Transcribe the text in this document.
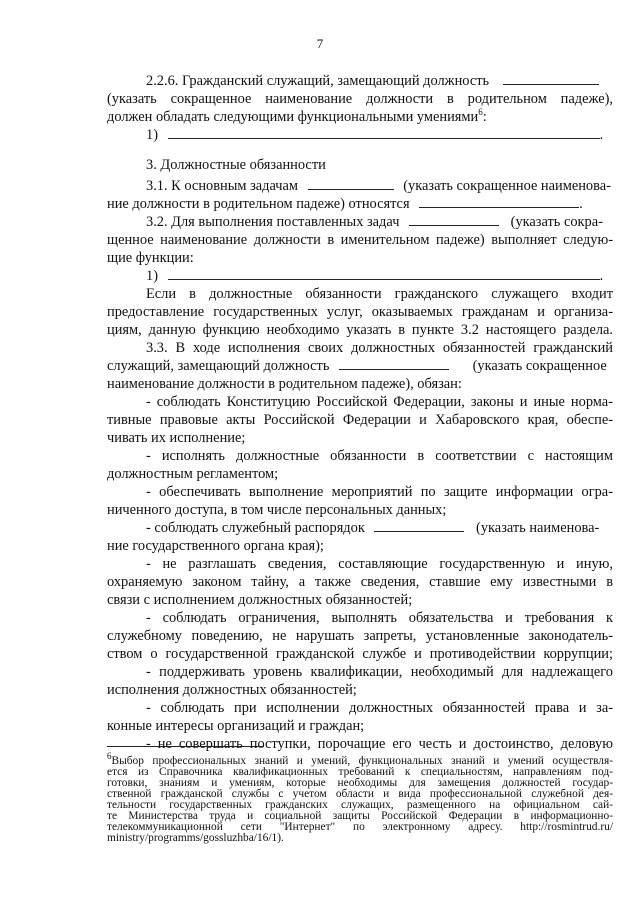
7
2.2.6. Гражданский служащий, замещающий должность
(указать сокращенное наименование должности в родительном падеже),
должен обладать следующими функциональными умениями$^6$:
1)	.
3. Должностные обязанности
3.1. К основным задачам	(указать сокращенное наименова-
ние должности в родительном падеже) относятся	.
3.2. Для выполнения поставленных задач	(указать сокра-
щенное наименование должности в именительном падеже) выполняет следую-
щие функции:
1)	.
Если в должностные обязанности гражданского служащего входит
предоставление государственных услуг, оказываемых гражданам и организа-
циям, данную функцию необходимо указать в пункте 3.2 настоящего раздела.
3.3. В ходе исполнения своих должностных обязанностей гражданский
служащий, замещающий должность	(указать сокращенное
наименование должности в родительном падеже), обязан:
- соблюдать Конституцию Российской Федерации, законы и иные норма-
тивные правовые акты Российской Федерации и Хабаровского края, обеспе-
чивать их исполнение;
- исполнять должностные обязанности в соответствии с настоящим
должностным регламентом;
- обеспечивать выполнение мероприятий по защите информации огра-
ниченного доступа, в том числе персональных данных;
- соблюдать служебный распорядок	(указать наименова-
ние государственного органа края);
- не разглашать сведения, составляющие государственную и иную,
охраняемую законом тайну, а также сведения, ставшие ему известными в
связи с исполнением должностных обязанностей;
- соблюдать ограничения, выполнять обязательства и требования к
служебному поведению, не нарушать запреты, установленные законодатель-
ством о государственной гражданской службе и противодействии коррупции;
- поддерживать уровень квалификации, необходимый для надлежащего
исполнения должностных обязанностей;
- соблюдать при исполнении должностных обязанностей права и за-
конные интересы организаций и граждан;
- не совершать поступки, порочащие его честь и достоинство, деловую
$^6$Выбор профессиональных знаний и умений, функциональных знаний и умений осуществля-
ется из Справочника квалификационных требований к специальностям, направлениям под-
готовки, знаниям и умениям, которые необходимы для замещения должностей государ-
ственной гражданской службы с учетом области и вида профессиональной служебной дея-
тельности государственных гражданских служащих, размещенного на официальном сай-
те Министерства труда и социальной защиты Российской Федерации в информационно-
телекоммуникационной сети "Интернет" по электронному адресу. http://rosmintrud.ru/
ministry/programms/gossluzhba/16/1).
